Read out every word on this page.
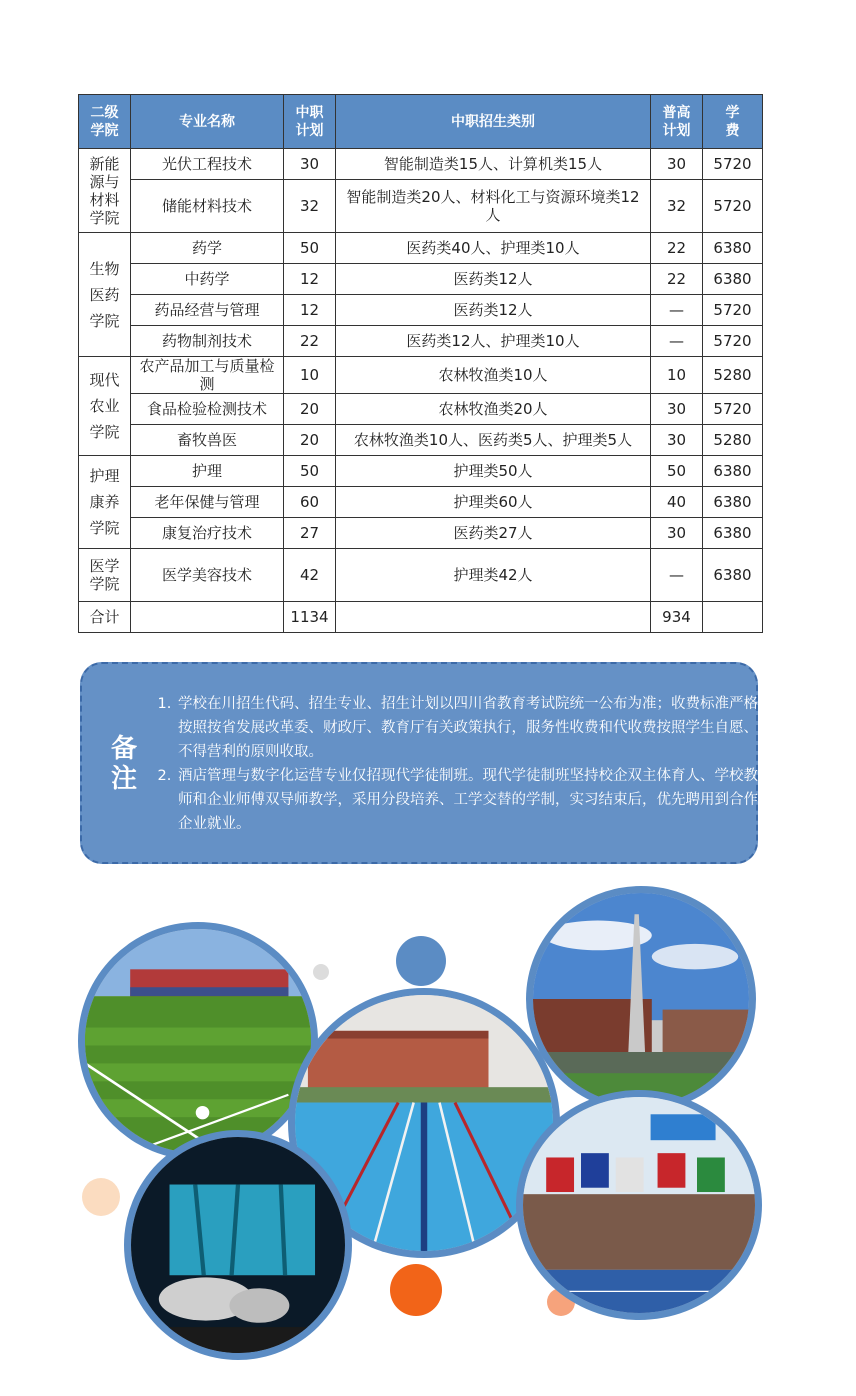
二级学院	专业名称	中职计划	中职招生类别	普高计划	学费

新能源与材料学院	光伏工程技术	30	智能制造类15人、计算机类15人	30	5720
	储能材料技术	32	智能制造类20人、材料化工与资源环境类12人	32	5720

生物医药学院	药学	50	医药类40人、护理类10人	22	6380
	中药学	12	医药类12人	22	6380
	药品经营与管理	12	医药类12人	—	5720
	药物制剂技术	22	医药类12人、护理类10人	—	5720

现代农业学院	农产品加工与质量检测	10	农林牧渔类10人	10	5280
	食品检验检测技术	20	农林牧渔类20人	30	5720
	畜牧兽医	20	农林牧渔类10人、医药类5人、护理类5人	30	5280

护理康养学院	护理	50	护理类50人	50	6380
	老年保健与管理	60	护理类60人	40	6380
	康复治疗技术	27	医药类27人	30	6380

医学学院	医学美容技术	42	护理类42人	—	6380
合计		1134		934	
备注
1. 学校在川招生代码、招生专业、招生计划以四川省教育考试院统一公布为准；收费标准严格按照按省发展改革委、财政厅、教育厅有关政策执行，服务性收费和代收费按照学生自愿、不得营利的原则收取。
2. 酒店管理与数字化运营专业仅招现代学徒制班。现代学徒制班坚持校企双主体育人、学校教师和企业师傅双导师教学，采用分段培养、工学交替的学制，实习结束后，优先聘用到合作企业就业。
